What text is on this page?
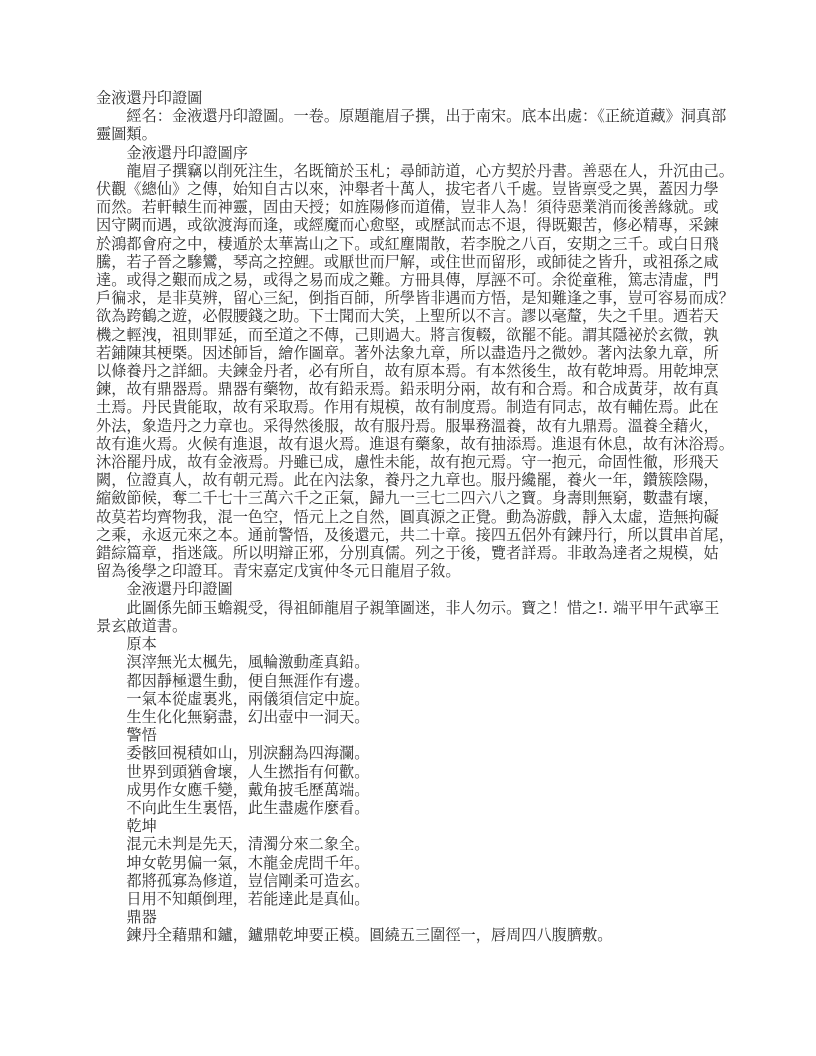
金液還丹印證圖
　　經名：金液還丹印證圖。一卷。原題龍眉子撰，出于南宋。底本出處：《正統道藏》洞真部
靈圖類。
　　金液還丹印證圖序
　　龍眉子撰竊以削死注生，名既簡於玉札；尋師訪道，心方契於丹書。善惡在人，升沉由己。
伏觀《總仙》之傳，始知自古以來，沖舉者十萬人，拔宅者八千處。豈皆禀受之異，蓋因力學
而然。若軒轅生而神靈，固由天授；如旌陽修而道備，豈非人為！須待惡業消而後善緣就。或
因守闕而遇，或欲渡海而逢，或經魔而心愈堅，或歷試而志不退，得既艱苦，修必精專，采鍊
於鴻都會府之中，棲遁於太華嵩山之下。或紅塵閙散，若李脫之八百，安期之三千。或白日飛
騰，若子晉之驂鸞，琴高之控鯉。或厭世而尸解，或住世而留形，或師徒之皆升，或祖孫之咸
達。或得之艱而成之易，或得之易而成之難。方冊具傳，厚誣不可。余從童稚，篤志清虛，門
戶徧求，是非莫辨，留心三紀，倒指百師，所學皆非遇而方悟，是知難逢之事，豈可容易而成？
欲為跨鶴之遊，必假腰錢之助。下士聞而大笑，上聖所以不言。謬以毫釐，失之千里。迺若天
機之輕洩，祖則罪延，而至道之不傳，己則過大。將言復輟，欲罷不能。謂其隱祕於玄微，孰
若鋪陳其梗槩。因述師旨，繪作圖章。著外法象九章，所以盡造丹之微妙。著內法象九章，所
以條養丹之詳細。夫鍊金丹者，必有所自，故有原本焉。有本然後生，故有乾坤焉。用乾坤烹
鍊，故有鼎器焉。鼎器有藥物，故有鉛汞焉。鉛汞明分兩，故有和合焉。和合成黃芽，故有真
土焉。丹民貴能取，故有采取焉。作用有規模，故有制度焉。制造有同志，故有輔佐焉。此在
外法，象造丹之力章也。采得然後服，故有服丹焉。服畢務溫養，故有九鼎焉。溫養全藉火，
故有進火焉。火候有進退，故有退火焉。進退有藥象，故有抽添焉。進退有休息，故有沐浴焉。
沐浴罷丹成，故有金液焉。丹雖已成，慮性未能，故有抱元焉。守一抱元，命固性徹，形飛天
闕，位證真人，故有朝元焉。此在內法象，養丹之九章也。服丹纔罷，養火一年，鑽簇陰陽，
縮斂節候，奪二千七十三萬六千之正氣，歸九一三七二四六八之寶。身壽則無窮，數盡有壞，
故莫若均齊物我，混一色空，悟元上之自然，圓真源之正覺。動為游戲，靜入太虛，造無拘礙
之乘，永返元來之本。通前警悟，及後還元，共二十章。接四五侶外有鍊丹行，所以貫串首尾，
錯綜篇章，指迷箴。所以明辯正邪，分別真儒。列之于後，覽者詳焉。非敢為達者之規模，姑
留為後學之印證耳。青宋嘉定戊寅仲冬元日龍眉子敘。
　　金液還丹印證圖
　　此圖係先師玉蟾親受，得祖師龍眉子親筆圖迷，非人勿示。寶之！惜之!. 端平甲午武寧王
景玄啟道書。
　　原本
　　溟滓無光太楓先，風輪激動產真鉛。
　　都因靜極還生動，便自無涯作有邊。
　　一氣本從虛裏兆，兩儀須信定中旋。
　　生生化化無窮盡，幻出壺中一洞天。
　　警悟
　　委骸回視積如山，別淚翻為四海瀾。
　　世界到頭猶會壞，人生撚指有何歡。
　　成男作女應千變，戴角披毛歷萬端。
　　不向此生生裏悟，此生盡處作麼看。
　　乾坤
　　混元未判是先天，清濁分來二象全。
　　坤女乾男偏一氣，木龍金虎問千年。
　　都將孤寡為修道，豈信剛柔可造玄。
　　日用不知顛倒理，若能達此是真仙。
　　鼎器
　　鍊丹全藉鼎和鑪，鑪鼎乾坤要正模。圓繞五三圍徑一，唇周四八腹臍敷。
